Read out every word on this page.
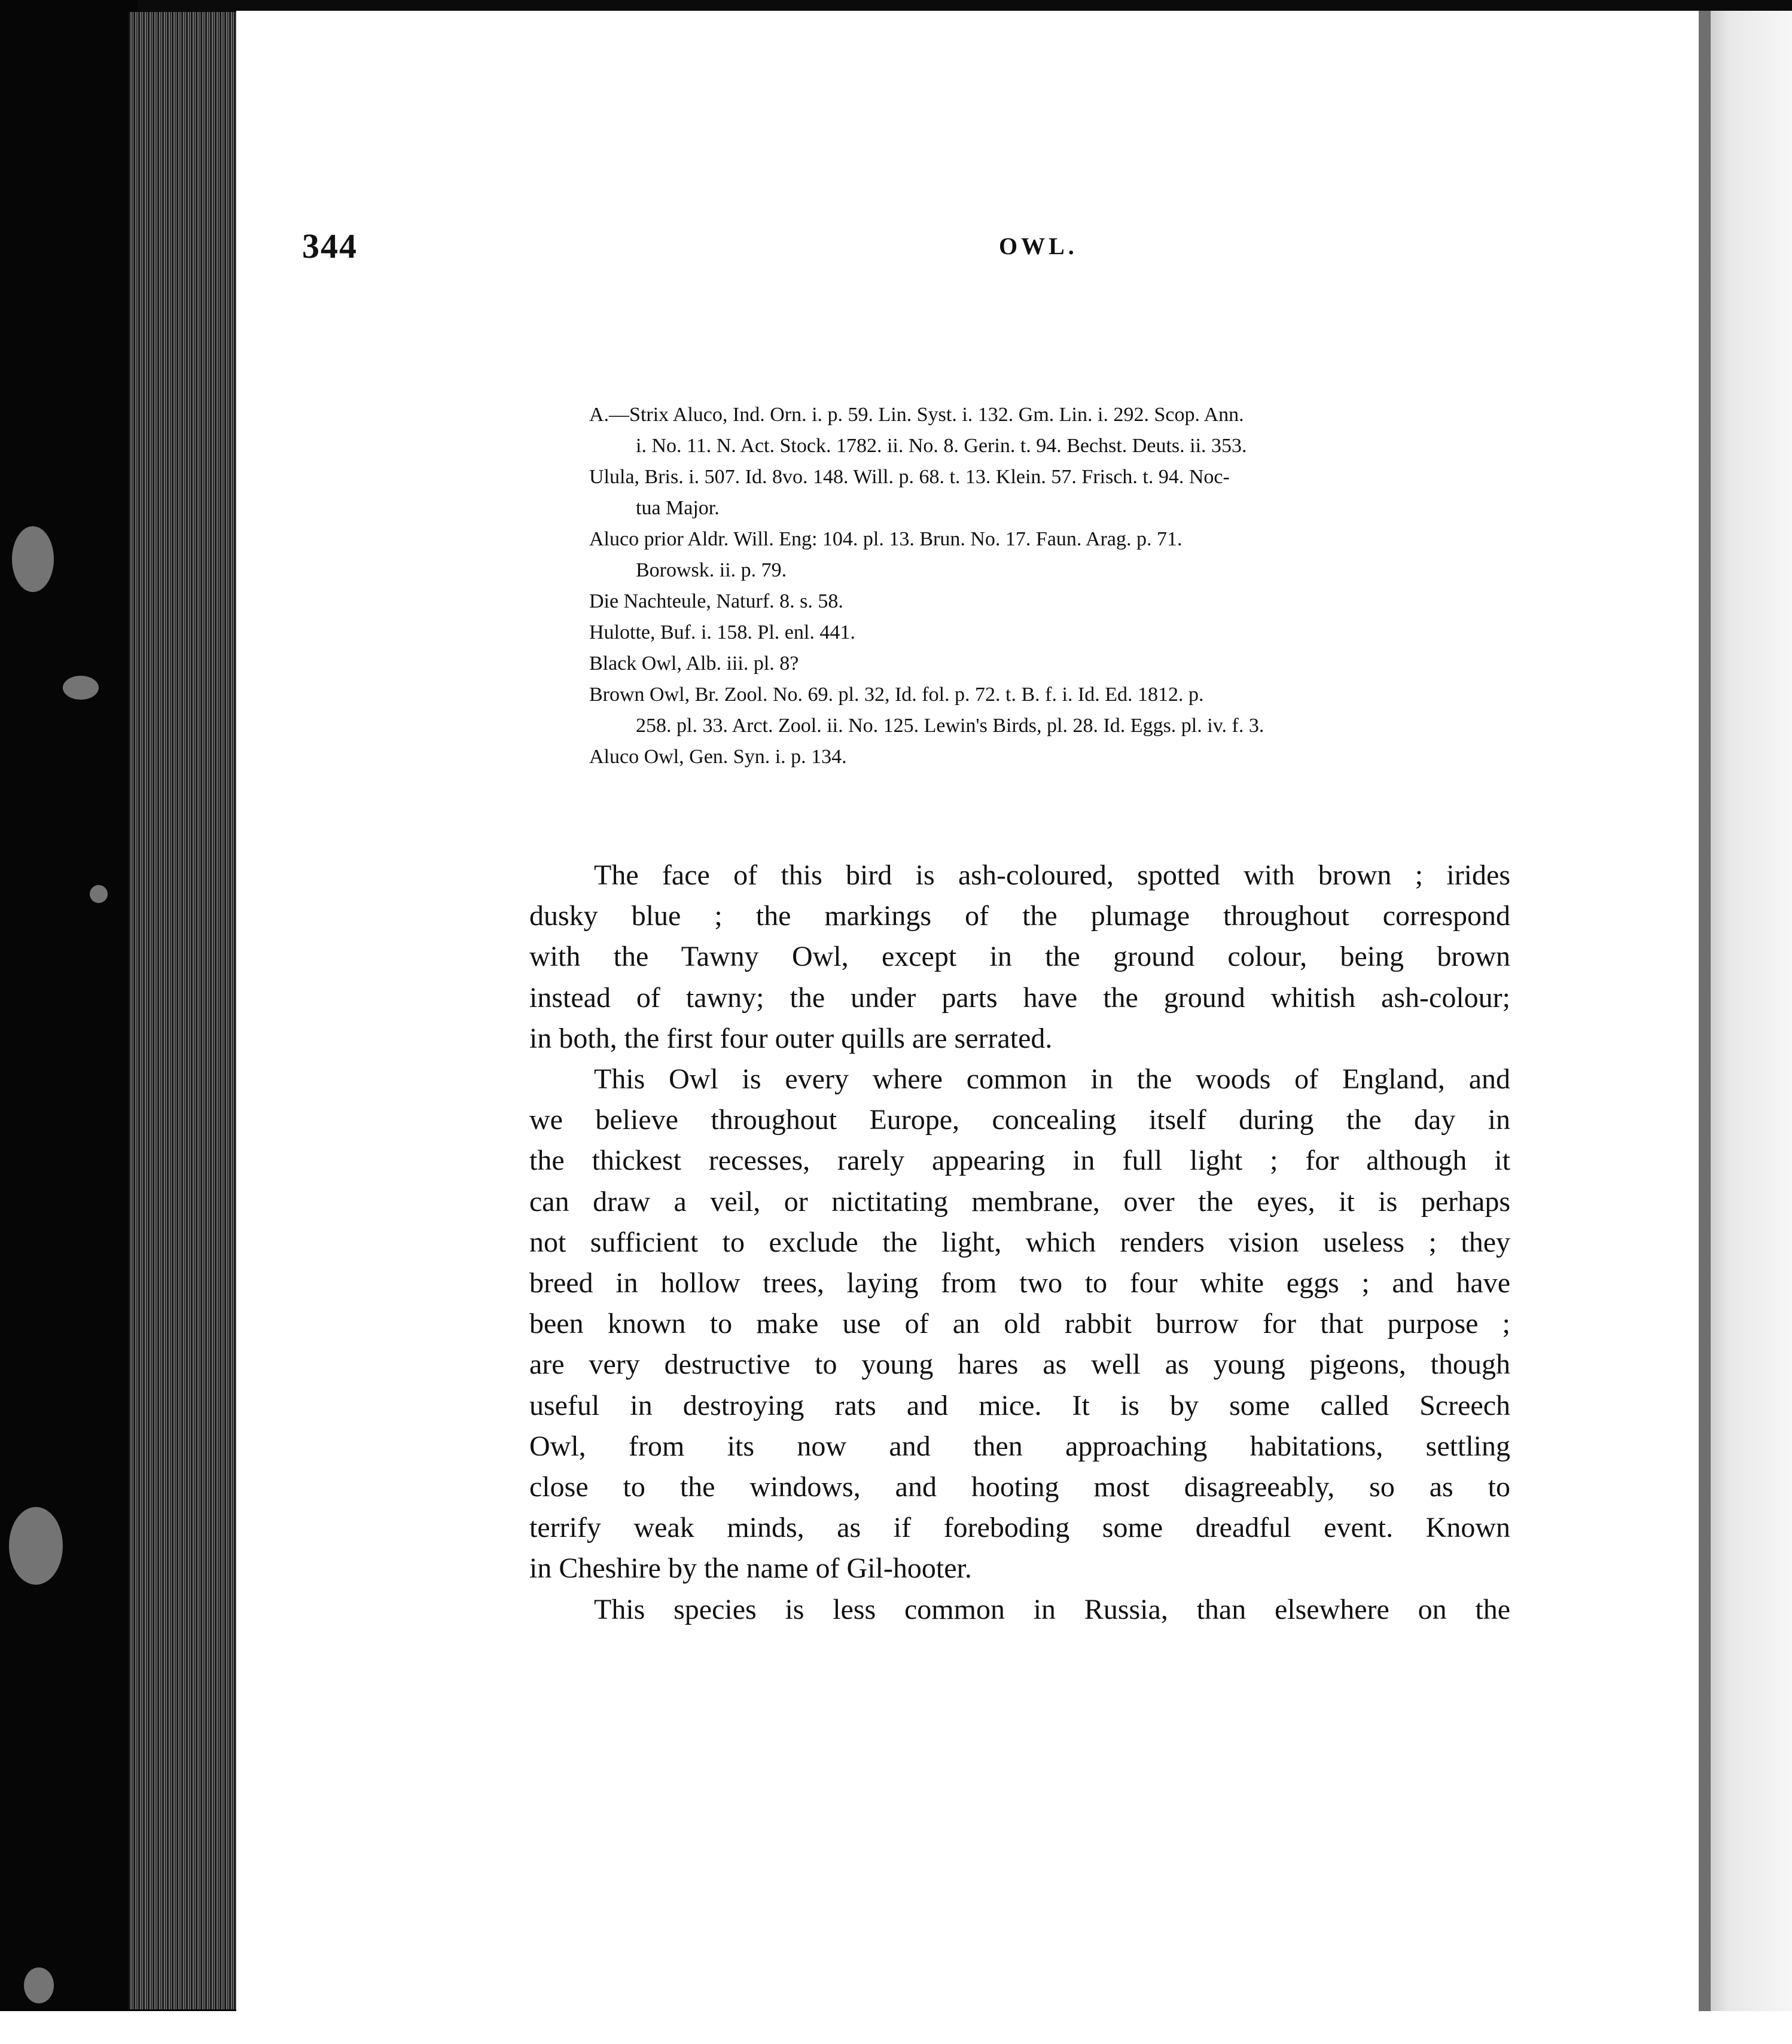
344	OWL.
A.—Strix Aluco, Ind. Orn. i. p. 59. Lin. Syst. i. 132. Gm. Lin. i. 292. Scop. Ann.
i. No. 11. N. Act. Stock. 1782. ii. No. 8. Gerin. t. 94. Bechst. Deuts. ii. 353.
Ulula, Bris. i. 507. Id. 8vo. 148. Will. p. 68. t. 13. Klein. 57. Frisch. t. 94. Noc-
tua Major.
Aluco prior Aldr. Will. Eng: 104. pl. 13. Brun. No. 17. Faun. Arag. p. 71.
Borowsk. ii. p. 79.
Die Nachteule, Naturf. 8. s. 58.
Hulotte, Buf. i. 158. Pl. enl. 441.
Black Owl, Alb. iii. pl. 8?
Brown Owl, Br. Zool. No. 69. pl. 32, Id. fol. p. 72. t. B. f. i. Id. Ed. 1812. p.
258. pl. 33. Arct. Zool. ii. No. 125. Lewin's Birds, pl. 28. Id. Eggs. pl. iv. f. 3.
Aluco Owl, Gen. Syn. i. p. 134.
The face of this bird is ash-coloured, spotted with brown ; irides
dusky blue ; the markings of the plumage throughout correspond
with the Tawny Owl, except in the ground colour, being brown
instead of tawny; the under parts have the ground whitish ash-colour;
in both, the first four outer quills are serrated.
This Owl is every where common in the woods of England, and
we believe throughout Europe, concealing itself during the day in
the thickest recesses, rarely appearing in full light ; for although it
can draw a veil, or nictitating membrane, over the eyes, it is perhaps
not sufficient to exclude the light, which renders vision useless ; they
breed in hollow trees, laying from two to four white eggs ; and have
been known to make use of an old rabbit burrow for that purpose ;
are very destructive to young hares as well as young pigeons, though
useful in destroying rats and mice. It is by some called Screech
Owl, from its now and then approaching habitations, settling
close to the windows, and hooting most disagreeably, so as to
terrify weak minds, as if foreboding some dreadful event. Known
in Cheshire by the name of Gil-hooter.
This species is less common in Russia, than elsewhere on the
